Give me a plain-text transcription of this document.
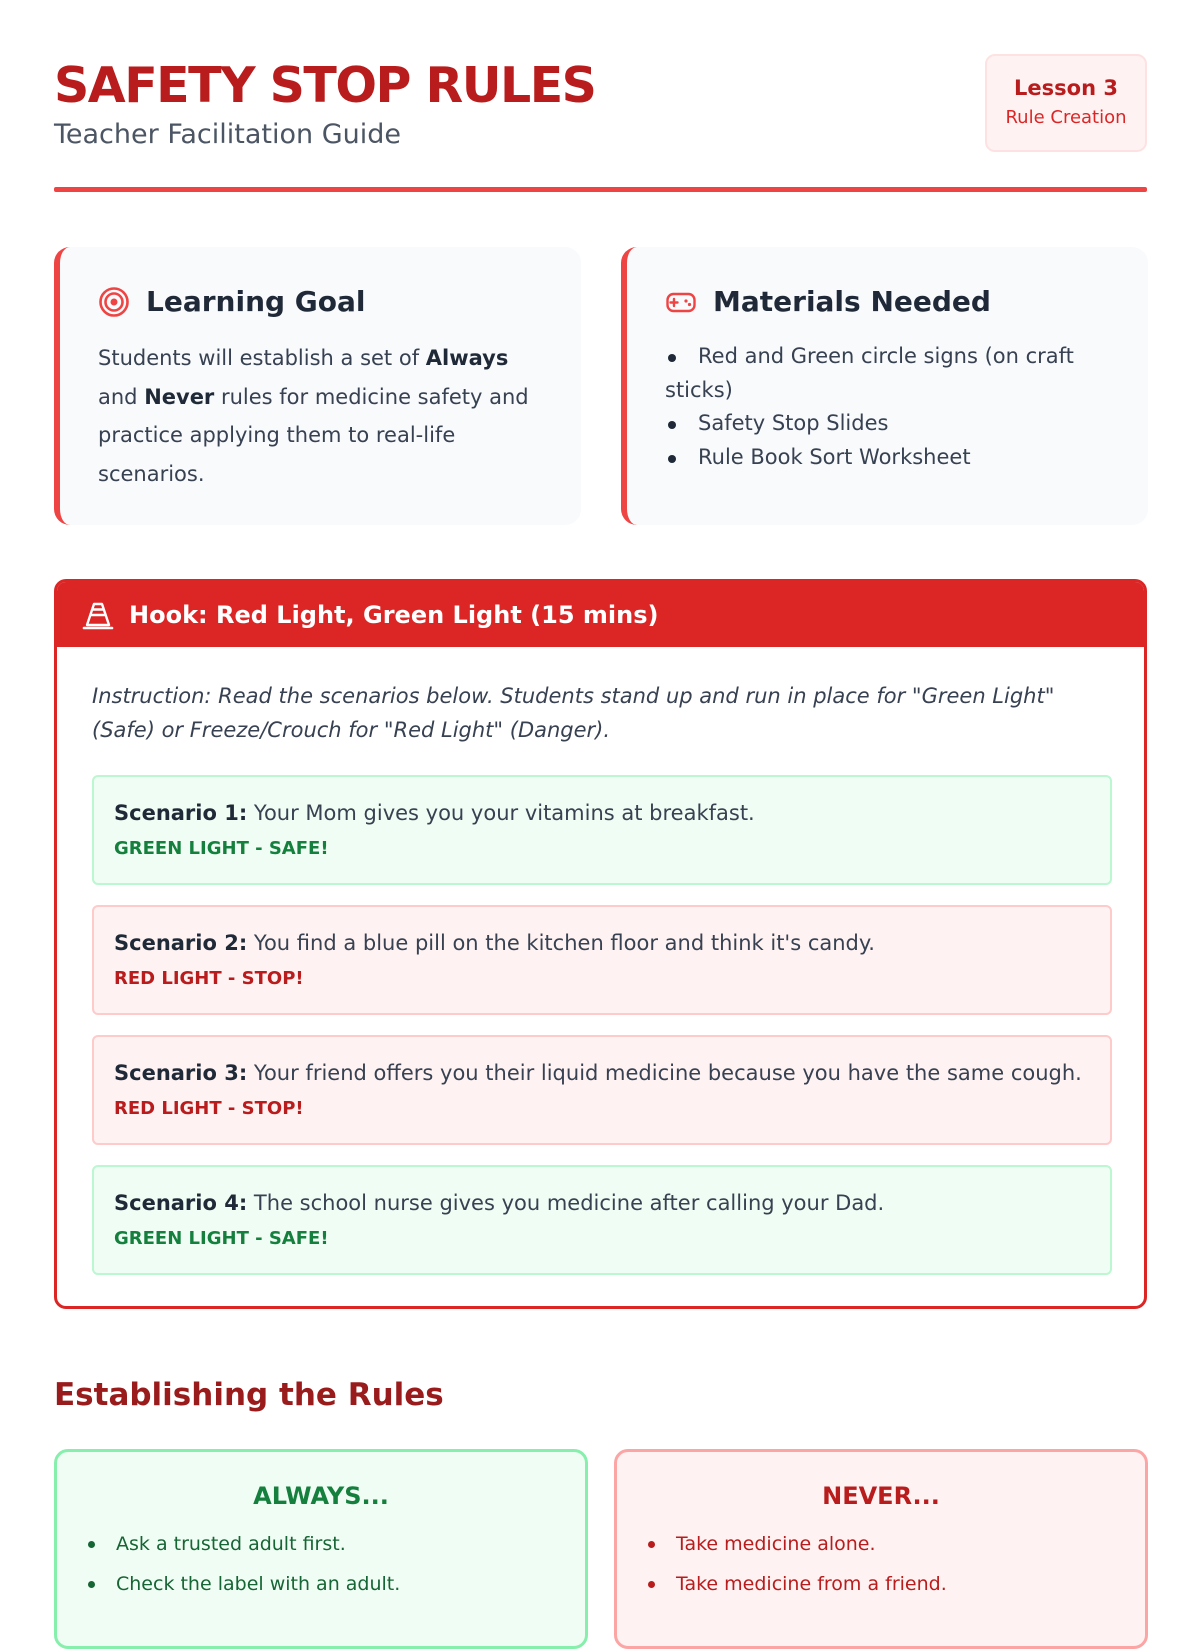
SAFETY STOP RULES
Teacher Facilitation Guide
Lesson 3
Rule Creation
Learning Goal
Students will establish a set of Always and Never rules for medicine safety and practice applying them to real-life scenarios.
Materials Needed
Red and Green circle signs (on craft sticks)
Safety Stop Slides
Rule Book Sort Worksheet
Hook: Red Light, Green Light (15 mins)
Instruction: Read the scenarios below. Students stand up and run in place for "Green Light" (Safe) or Freeze/Crouch for "Red Light" (Danger).
Scenario 1: Your Mom gives you your vitamins at breakfast.
GREEN LIGHT - SAFE!
Scenario 2: You find a blue pill on the kitchen floor and think it's candy.
RED LIGHT - STOP!
Scenario 3: Your friend offers you their liquid medicine because you have the same cough.
RED LIGHT - STOP!
Scenario 4: The school nurse gives you medicine after calling your Dad.
GREEN LIGHT - SAFE!
Establishing the Rules
ALWAYS...
Ask a trusted adult first.
Check the label with an adult.
NEVER...
Take medicine alone.
Take medicine from a friend.
